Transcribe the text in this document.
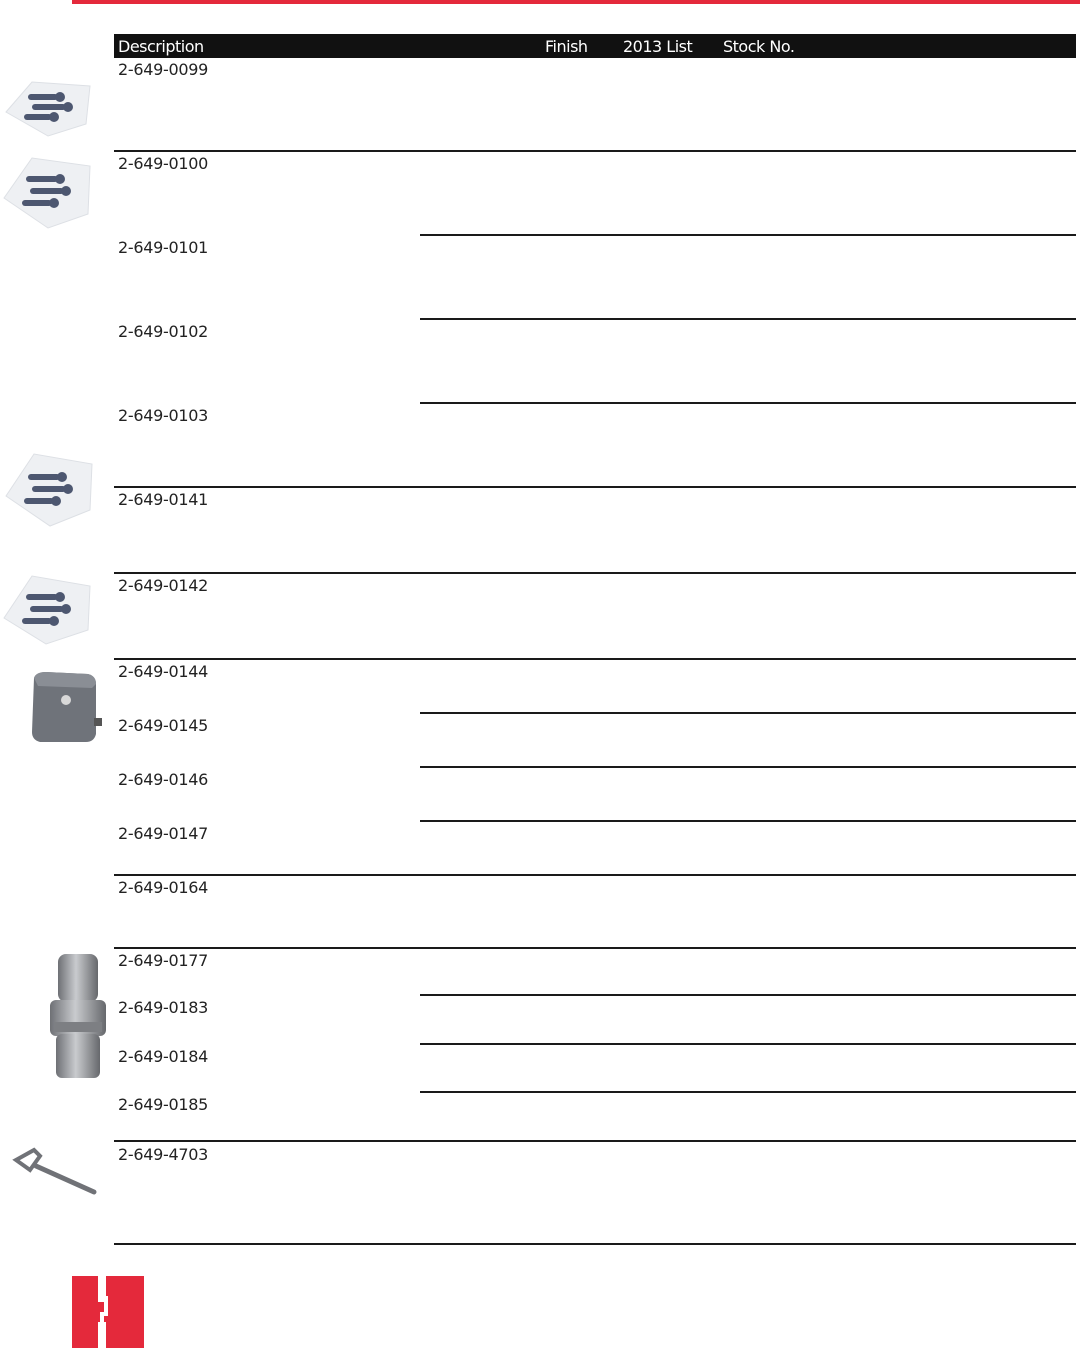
Description	Finish 2013 List Stock No.
2-649-0099
2-649-0100
2-649-0101
2-649-0102
2-649-0103
2-649-0141
2-649-0142
2-649-0144
2-649-0145
2-649-0146
2-649-0147
2-649-0164
2-649-0177
2-649-0183
2-649-0184
2-649-0185
2-649-4703
